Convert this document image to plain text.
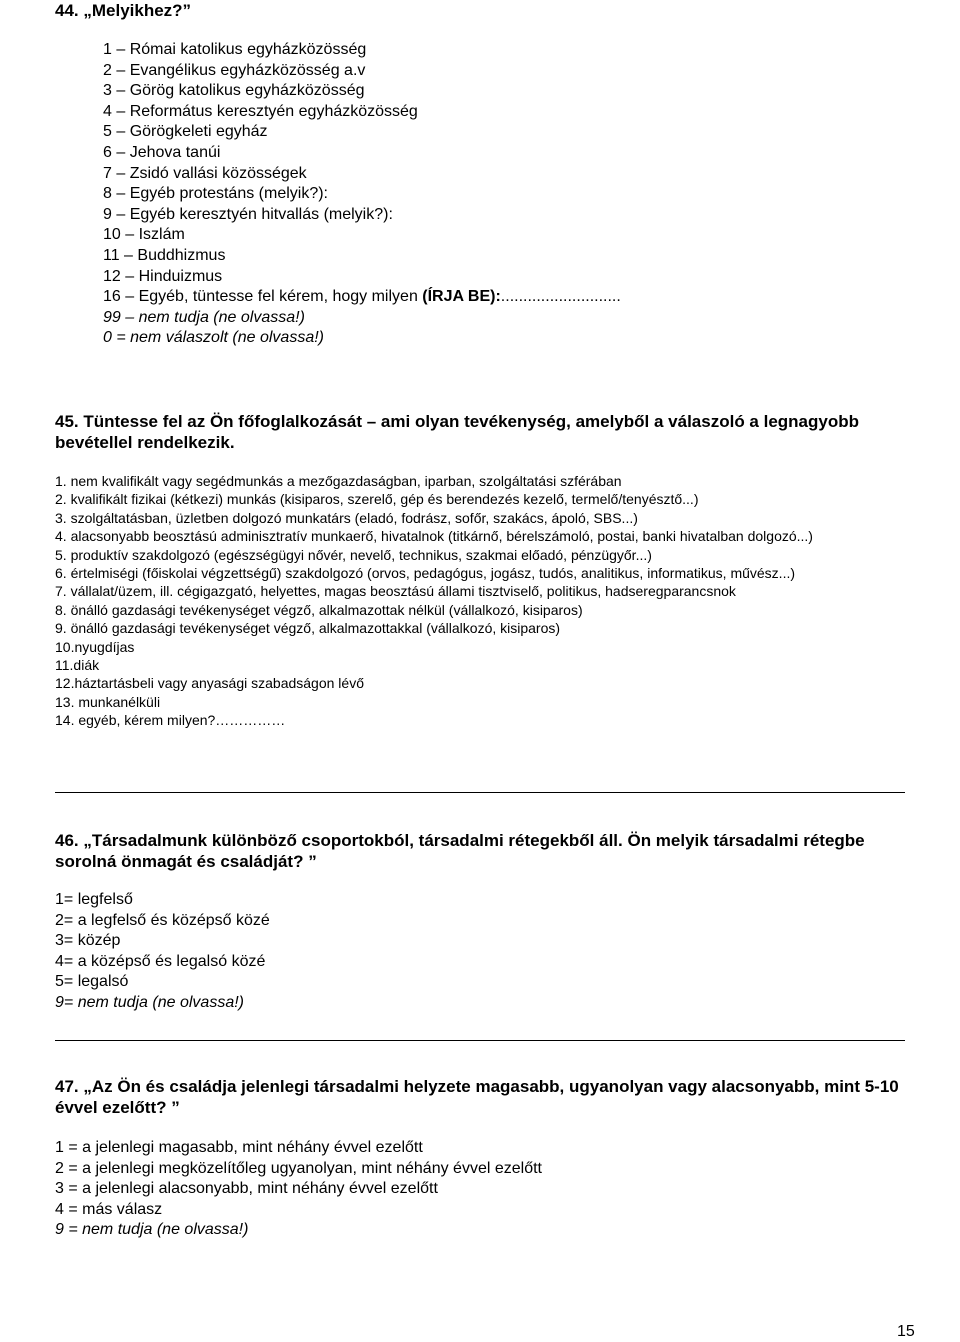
44. „Melyikhez?”
1 – Római katolikus egyházközösség
2 – Evangélikus egyházközösség a.v
3 – Görög katolikus egyházközösség
4 – Református keresztyén egyházközösség
5 – Görögkeleti egyház
6 – Jehova tanúi
7 – Zsidó vallási közösségek
8 – Egyéb protestáns (melyik?):
9 – Egyéb keresztyén hitvallás (melyik?):
10 – Iszlám
11 – Buddhizmus
12 – Hinduizmus
16 – Egyéb, tüntesse fel kérem, hogy milyen (ÍRJA BE):...........................
99 – nem tudja (ne olvassa!)
0 = nem válaszolt (ne olvassa!)
45. Tüntesse fel az Ön főfoglalkozását – ami olyan tevékenység, amelyből a válaszoló a legnagyobb bevétellel rendelkezik.
1. nem kvalifikált vagy segédmunkás a mezőgazdaságban, iparban, szolgáltatási szférában
2. kvalifikált fizikai (kétkezi) munkás (kisiparos, szerelő, gép és berendezés kezelő, termelő/tenyésztő...)
3. szolgáltatásban, üzletben dolgozó munkatárs (eladó, fodrász, sofőr, szakács, ápoló, SBS...)
4. alacsonyabb beosztású adminisztratív munkaerő, hivatalnok (titkárnő, bérelszámoló, postai, banki hivatalban dolgozó...)
5. produktív szakdolgozó (egészségügyi nővér, nevelő, technikus, szakmai előadó, pénzügyőr...)
6. értelmiségi (főiskolai végzettségű) szakdolgozó (orvos, pedagógus, jogász, tudós, analitikus, informatikus, művész...)
7. vállalat/üzem, ill. cégigazgató, helyettes, magas beosztású állami tisztviselő, politikus, hadseregparancsnok
8. önálló gazdasági tevékenységet végző, alkalmazottak nélkül (vállalkozó, kisiparos)
9. önálló gazdasági tevékenységet végző, alkalmazottakkal (vállalkozó, kisiparos)
10.nyugdíjas
11.diák
12.háztartásbeli vagy anyasági szabadságon lévő
13. munkanélküli
14. egyéb, kérem milyen?……………
46. „Társadalmunk különböző csoportokból, társadalmi rétegekből áll. Ön melyik társadalmi rétegbe sorolná önmagát és családját? ”
1= legfelső
2= a legfelső és középső közé
3= közép
4= a középső és legalsó közé
5= legalsó
9= nem tudja (ne olvassa!)
47. „Az Ön és családja jelenlegi társadalmi helyzete magasabb, ugyanolyan vagy alacsonyabb, mint 5-10 évvel ezelőtt? ”
1 = a jelenlegi magasabb, mint néhány évvel ezelőtt
2 = a jelenlegi megközelítőleg ugyanolyan, mint néhány évvel ezelőtt
3 = a jelenlegi alacsonyabb, mint néhány évvel ezelőtt
4 = más válasz
9 = nem tudja (ne olvassa!)
15
